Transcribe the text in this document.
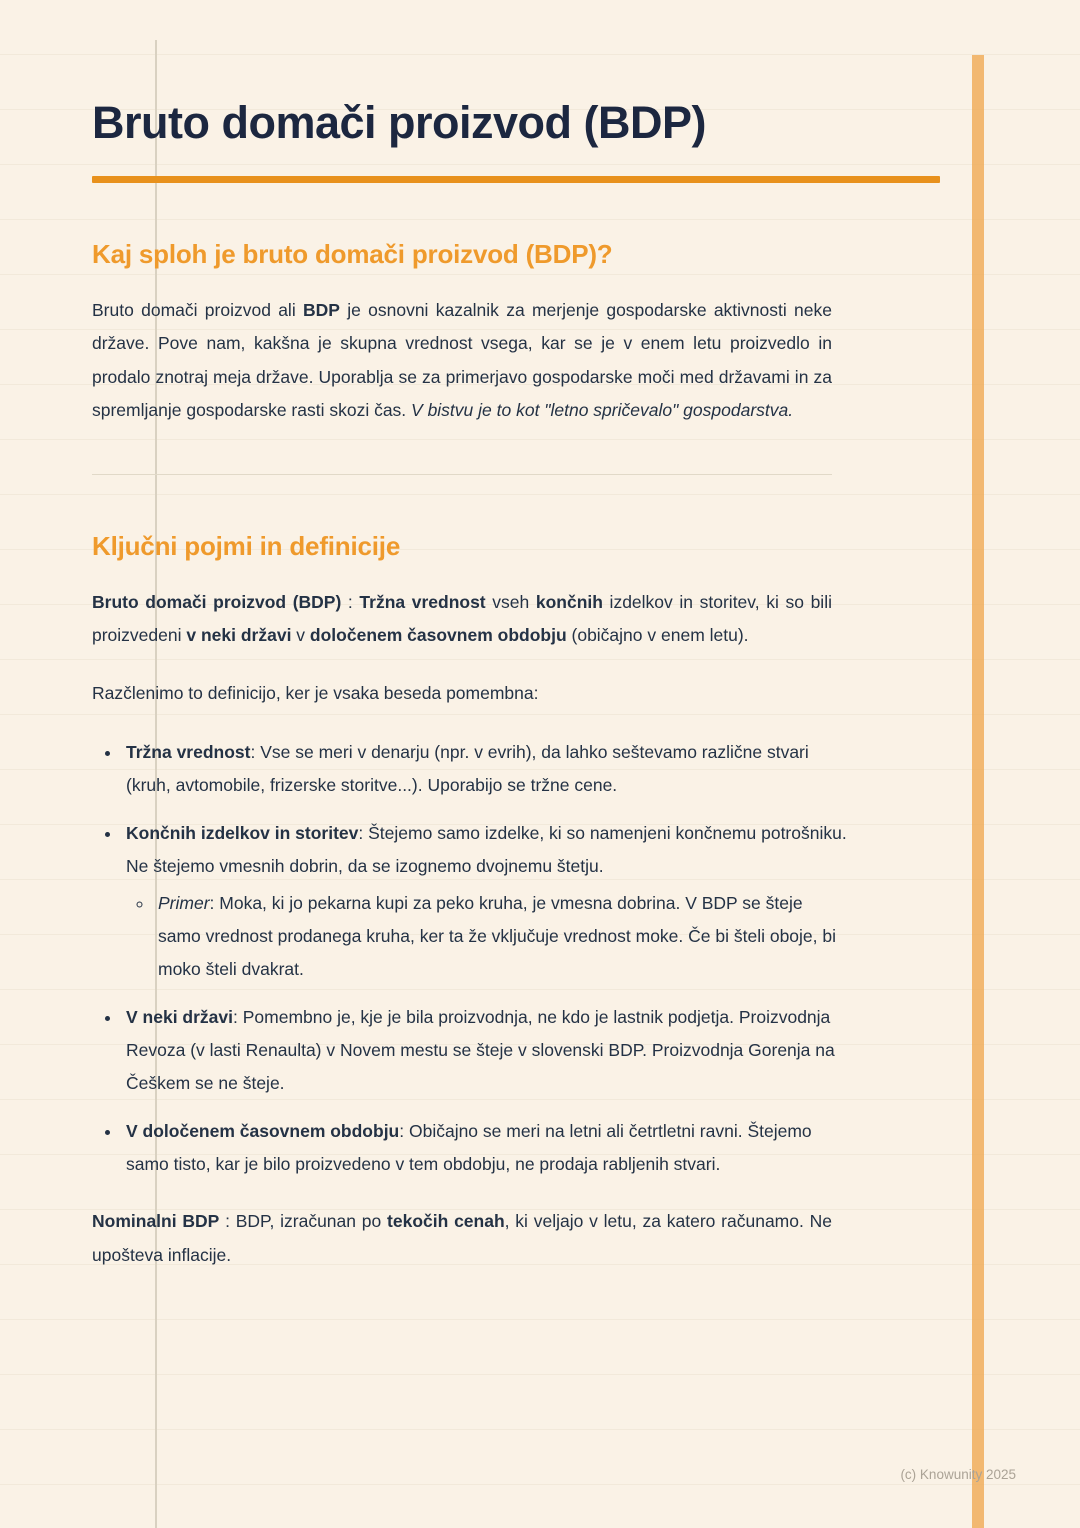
Bruto domači proizvod (BDP)
Kaj sploh je bruto domači proizvod (BDP)?

Bruto domači proizvod ali BDP je osnovni kazalnik za merjenje gospodarske aktivnosti neke države. Pove nam, kakšna je skupna vrednost vsega, kar se je v enem letu proizvedlo in prodalo znotraj meja države. Uporablja se za primerjavo gospodarske moči med državami in za spremljanje gospodarske rasti skozi čas. V bistvu je to kot "letno spričevalo" gospodarstva.

Ključni pojmi in definicije

Bruto domači proizvod (BDP) : Tržna vrednost vseh končnih izdelkov in storitev, ki so bili proizvedeni v neki državi v določenem časovnem obdobju (običajno v enem letu).

Razčlenimo to definicijo, ker je vsaka beseda pomembna:

• Tržna vrednost: Vse se meri v denarju (npr. v evrih), da lahko seštevamo različne stvari (kruh, avtomobile, frizerske storitve...). Uporabijo se tržne cene.
• Končnih izdelkov in storitev: Štejemo samo izdelke, ki so namenjeni končnemu potrošniku. Ne štejemo vmesnih dobrin, da se izognemo dvojnemu štetju.
◦ Primer: Moka, ki jo pekarna kupi za peko kruha, je vmesna dobrina. V BDP se šteje samo vrednost prodanega kruha, ker ta že vključuje vrednost moke. Če bi šteli oboje, bi moko šteli dvakrat.
• V neki državi: Pomembno je, kje je bila proizvodnja, ne kdo je lastnik podjetja. Proizvodnja Revoza (v lasti Renaulta) v Novem mestu se šteje v slovenski BDP. Proizvodnja Gorenja na Češkem se ne šteje.
• V določenem časovnem obdobju: Običajno se meri na letni ali četrtletni ravni. Štejemo samo tisto, kar je bilo proizvedeno v tem obdobju, ne prodaja rabljenih stvari.

Nominalni BDP : BDP, izračunan po tekočih cenah, ki veljajo v letu, za katero računamo. Ne upošteva inflacije.

(c) Knowunity 2025
